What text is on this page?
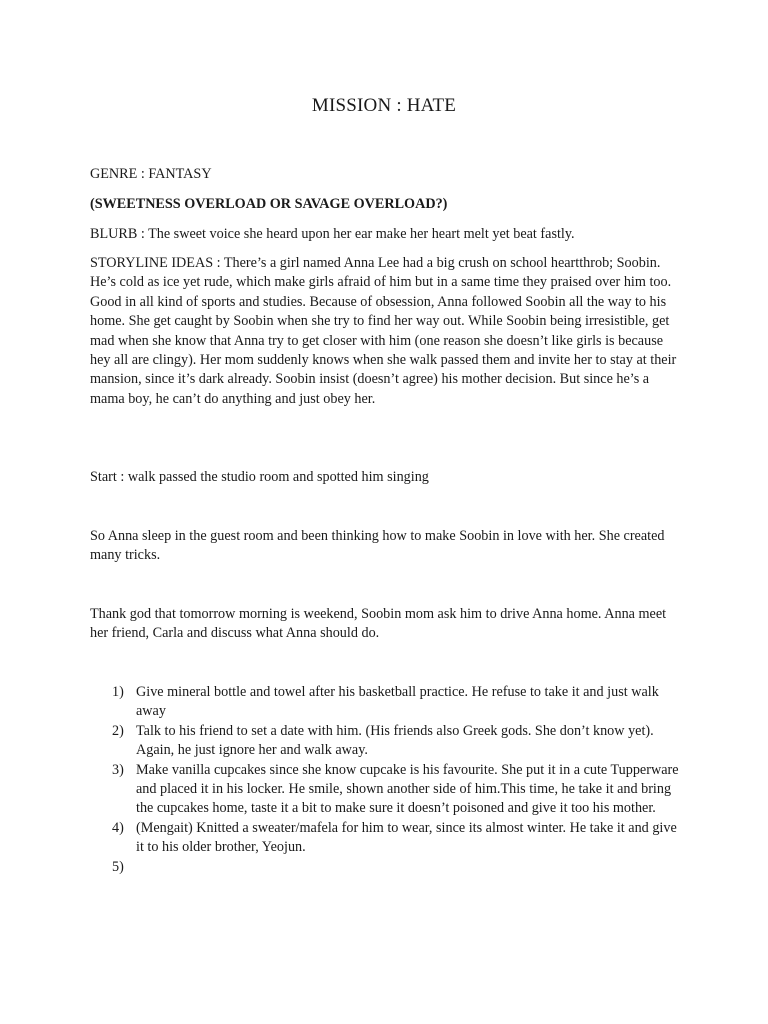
MISSION : HATE

GENRE : FANTASY

(SWEETNESS OVERLOAD OR SAVAGE OVERLOAD?)

BLURB : The sweet voice she heard upon her ear make her heart melt yet beat fastly.

STORYLINE IDEAS : There’s a girl named Anna Lee had a big crush on school heartthrob; Soobin. He’s cold as ice yet rude, which make girls afraid of him but in a same time they praised over him too. Good in all kind of sports and studies. Because of obsession, Anna followed Soobin all the way to his home. She get caught by Soobin when she try to find her way out. While Soobin being irresistible, get mad when she know that Anna try to get closer with him (one reason she doesn’t like girls is because hey all are clingy). Her mom suddenly knows when she walk passed them and invite her to stay at their mansion, since it’s dark already. Soobin insist (doesn’t agree) his mother decision. But since he’s a mama boy, he can’t do anything and just obey her.

Start : walk passed the studio room and spotted him singing

So Anna sleep in the guest room and been thinking how to make Soobin in love with her. She created many tricks.

Thank god that tomorrow morning is weekend, Soobin mom ask him to drive Anna home. Anna meet her friend, Carla and discuss what Anna should do.

1) Give mineral bottle and towel after his basketball practice. He refuse to take it and just walk away
2) Talk to his friend to set a date with him. (His friends also Greek gods. She don’t know yet). Again, he just ignore her and walk away.
3) Make vanilla cupcakes since she know cupcake is his favourite. She put it in a cute Tupperware and placed it in his locker. He smile, shown another side of him.This time, he take it and bring the cupcakes home, taste it a bit to make sure it doesn’t poisoned and give it too his mother.
4) (Mengait) Knitted a sweater/mafela for him to wear, since its almost winter. He take it and give it to his older brother, Yeojun.
5)
